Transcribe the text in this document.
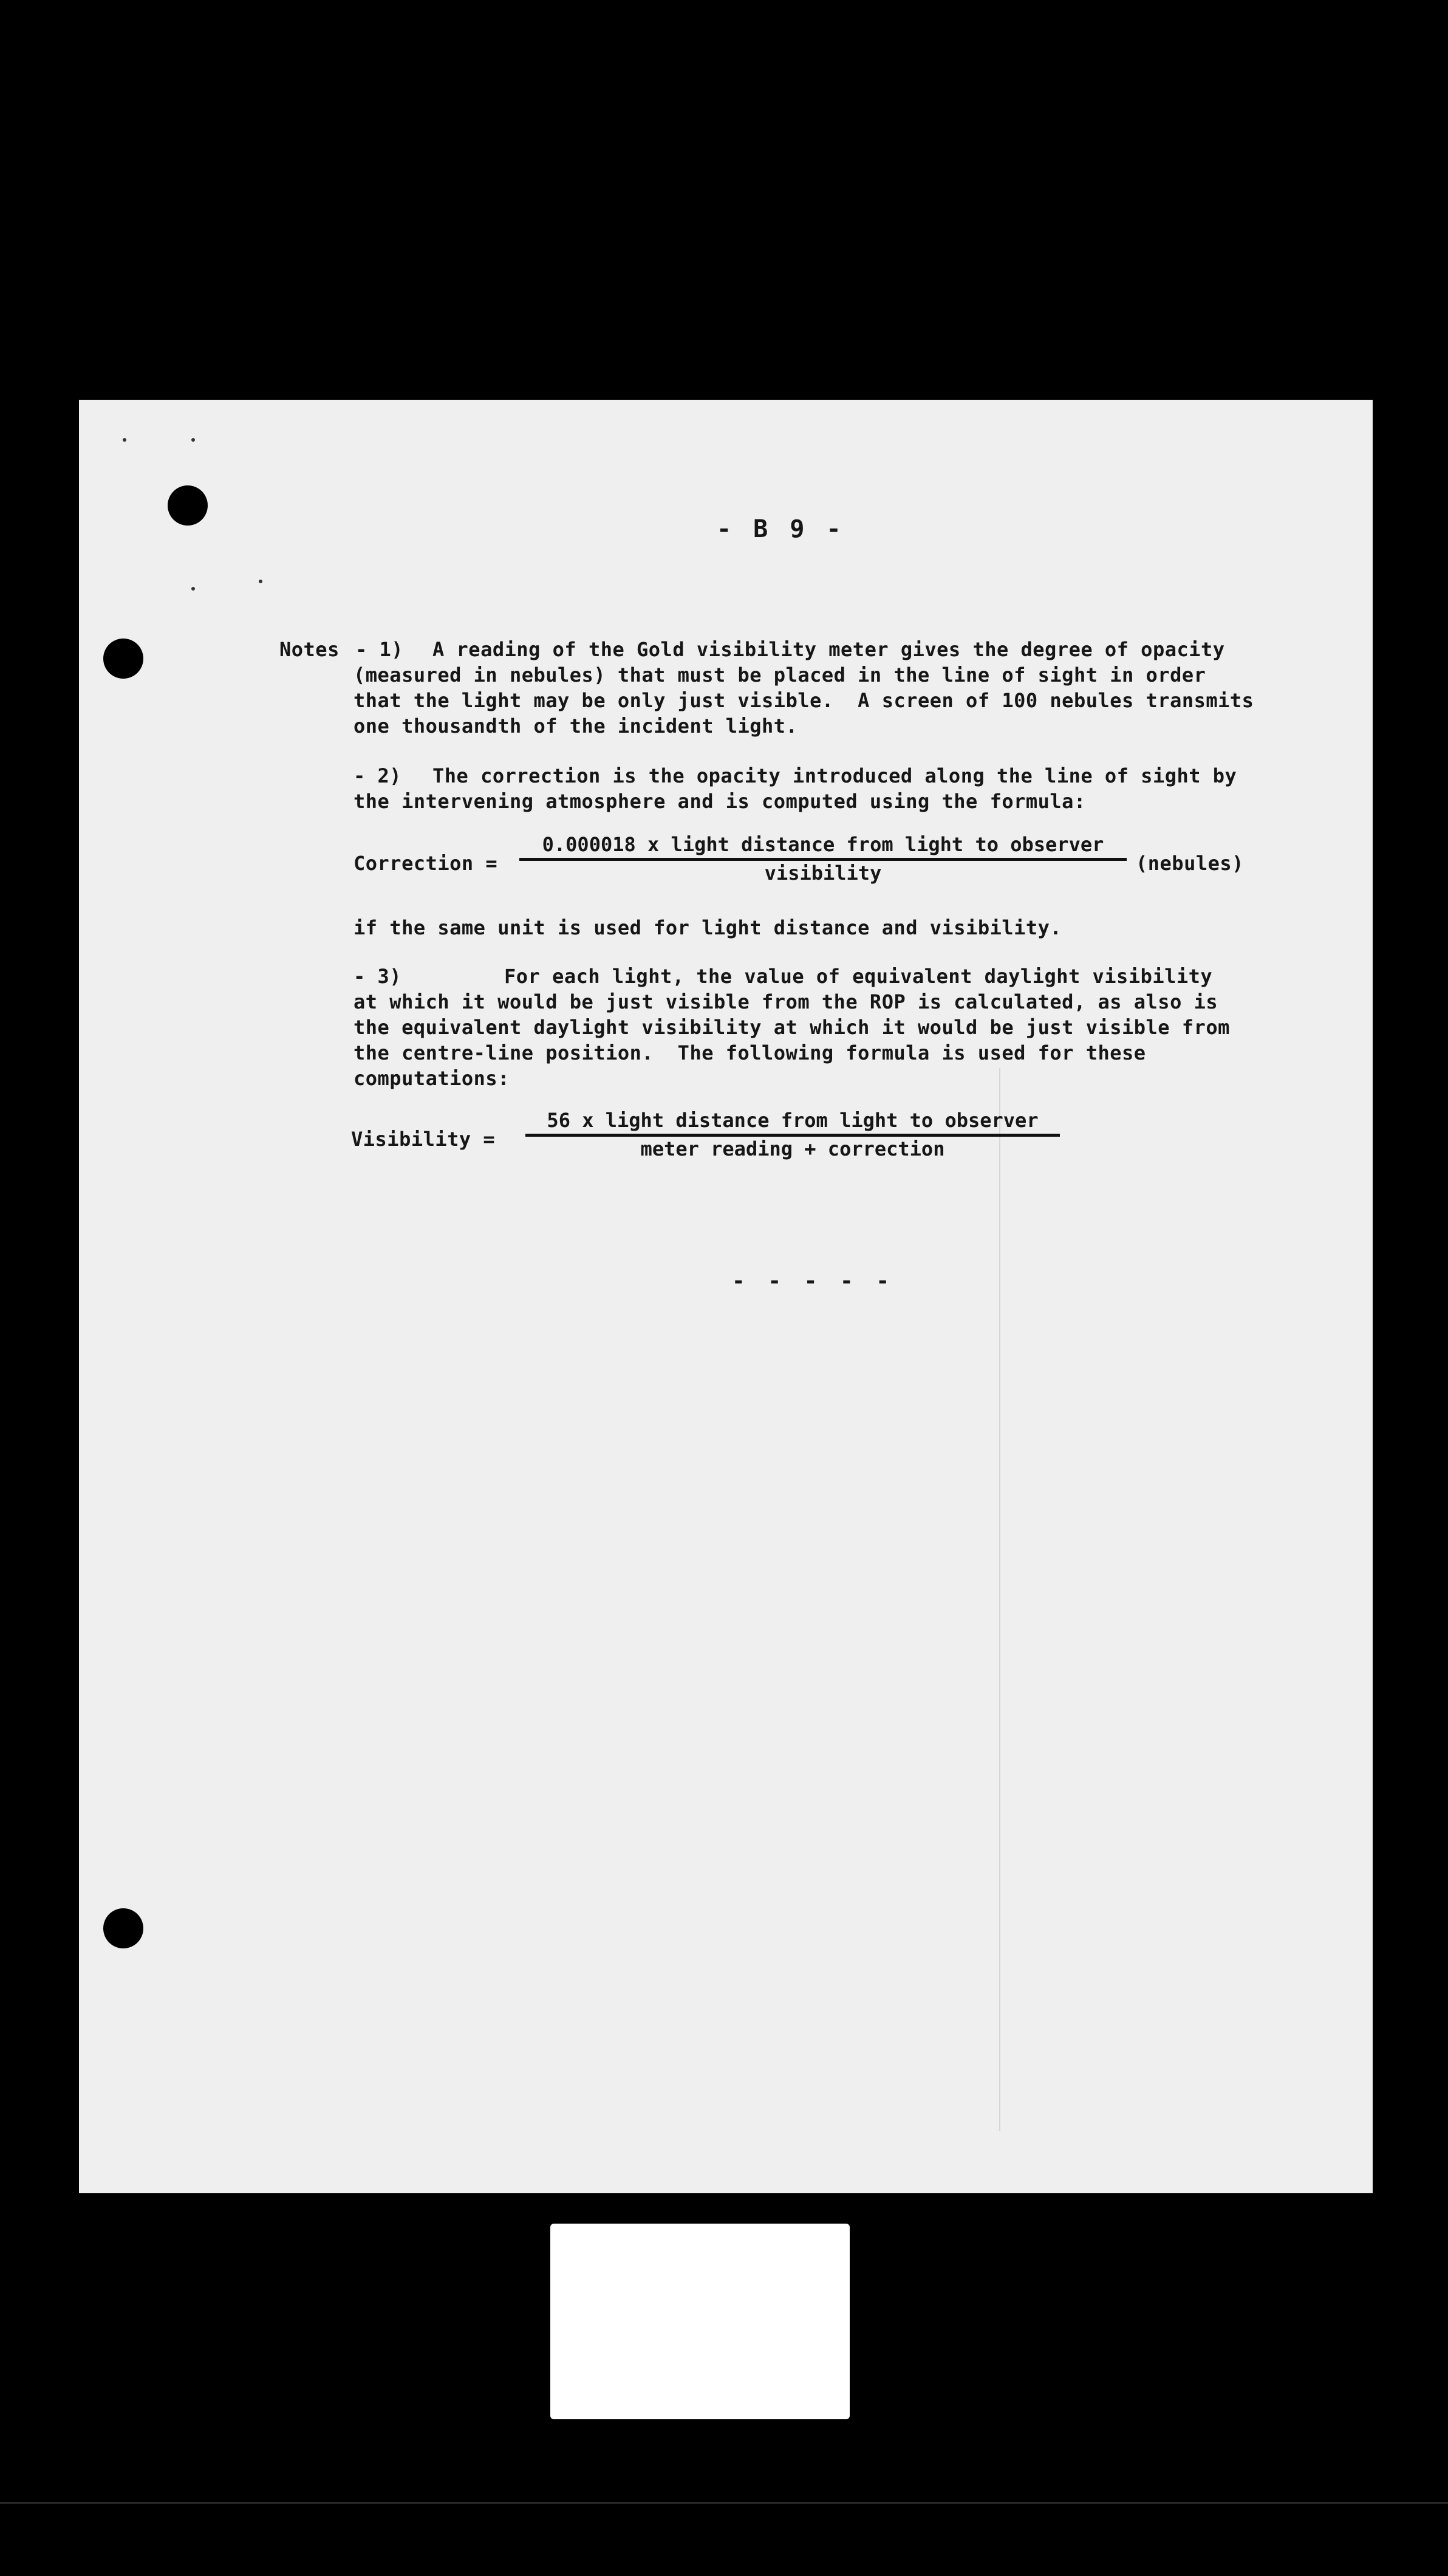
- B 9 -
Notes - 1) A reading of the Gold visibility meter gives the degree of opacity
(measured in nebules) that must be placed in the line of sight in order
that the light may be only just visible.  A screen of 100 nebules transmits
one thousandth of the incident light.
- 2) The correction is the opacity introduced along the line of sight by
the intervening atmosphere and is computed using the formula:
Correction =
0.000018 x light distance from light to observer
visibility	(nebules)
if the same unit is used for light distance and visibility.
- 3)	For each light, the value of equivalent daylight visibility
at which it would be just visible from the ROP is calculated, as also is
the equivalent daylight visibility at which it would be just visible from
the centre-line position.  The following formula is used for these
computations:
Visibility =
56 x light distance from light to observer
meter reading + correction
- - - - -
